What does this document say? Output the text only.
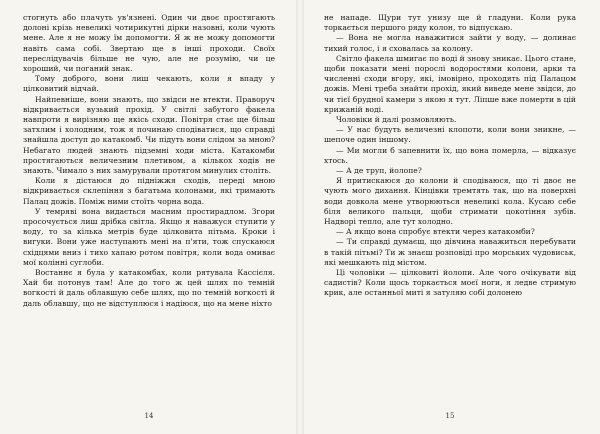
стогнуть або плачуть ув'язнені. Один чи двоє простягають долоні крізь невеликі чотирикутні дірки назовні, коли чують мене. Але я не можу їм допомогти. Я ж не можу допомогти навіть сама собі. Звертаю ще в інші проходи. Своїх переслідувачів більше не чую, але не розумію, чи це хороший, чи поганий знак.

Тому доброго, вони лиш чекають, коли я впаду у цілковитий відчай.

Найпевніше, вони знають, що звідси не втекти. Праворуч відкривається вузький прохід. У світлі забутого факела навпроти я вирізняю ще якісь сходи. Повітря стає ще більш затхлим і холодним, тож я починаю сподіватися, що справді знайшла доступ до катакомб. Чи підуть вони слідом за мною? Небагато людей знають підземні ходи міста. Катакомби простягаються величезним плетивом, а кількох ходів не знають. Чимало з них замурували протягом минулих століть.

Коли я дістаюся до підніжжя сходів, переді мною відкривається склепіння з багатьма колонами, які тримають Палац дожів. Поміж ними стоїть чорна вода.

У темряві вона видається масним простирадлом. Згори просочується лиш дрібка світла. Якщо я наважуся ступити у воду, то за кілька метрів буде цілковита пітьма. Кроки і вигуки. Вони уже наступають мені на п'яти, тож спускаюся східцями вниз і тихо хапаю ротом повітря, коли вода омиває мої колінні суглоби.

Востаннє я була у катакомбах, коли рятувала Кассієля. Хай би потонув там! Але до того ж цей шлях по темній вогкості й даль облавшую себе шлях, що по темній вогкості й даль облавшу, що не відступлюся і надіюся, що на мене ніхто

14

не нападе. Щури тут унизу ще й гладуни. Коли рука торкається першого ряду колон, то відпускаю.

— Вона не могла наважитися зайти у воду, — долинає тихий голос, і я сховалась за колону.

Світло факела шмигає по воді й знову зникає. Цього стане, щоби показати мені порослі водоростями колони, арки та численні сходи вгору, які, імовірно, проходять під Палацом дожів. Мені треба знайти прохід, який виведе мене звідси, до чи тієї брудної камери з якою я тут. Ліпше вже померти в цій крижаній воді.

Чоловіки й далі розмовляють.

— У нас будуть величезні клопоти, коли вони зникне, — шепоче один іншому.

— Ми могли б запевнити їх, що вона померла, — відказує хтось.

— А де труп, йолопе?

Я притискаюся до колони й сподіваюся, що ті двоє не чують мого дихання. Кінцівки тремтять так, що на поверхні води довкола мене утворюються невеликі кола. Кусаю себе біля великого пальця, щоби стримати цокотіння зубів. Надворі тепло, але тут холодно.

— А якщо вона спробує втекти через катакомби?

— Ти справді думаєш, що дівчина наважиться перебувати в такій пітьмі? Ти ж знаєш розповіді про морських чудовиськ, які мешкають під містом.

Ці чоловіки — цілковиті йолопи. Але чого очікувати від садистів? Коли щось торкається моєї ноги, я ледве стримую крик, але останньої миті я затуляю собі долонею

15
